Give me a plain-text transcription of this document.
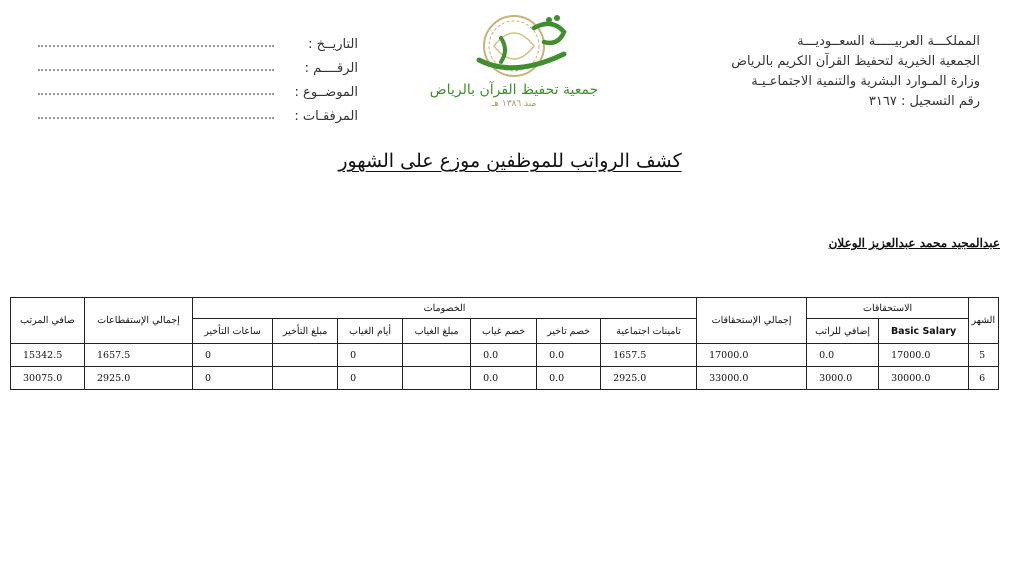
المملكـــة العربيـــــة السعــوديـــة
الجمعية الخيرية لتحفيظ القرآن الكريم بالرياض
وزارة المـوارد البشرية والتنمية الاجتماعـيـة
رقم التسجيل : ٣١٦٧
جمعية تحفيظ القرآن بالرياض
منذ ١٣٨٦ هـ
التاريــخ :
الرقــــم :
الموضــوع :
المرفقـات :
كشف الرواتب للموظفين موزع على الشهور
عبدالمجيد محمد عبدالعزيز الوعلان
الشهر	الاستحقاقات		إجمالي الإستحقاقات	الخصومات							إجمالي الإستقطاعات	صافي المرتب
	Basic Salary	إضافي للراتب		تامينات اجتماعية	خصم تاخير	خصم غياب	مبلغ الغياب	أيام الغياب	مبلغ التأخير	ساعات التأخير		
5	17000.0	0.0	17000.0	1657.5	0.0	0.0		0		0	1657.5	15342.5
6	30000.0	3000.0	33000.0	2925.0	0.0	0.0		0		0	2925.0	30075.0
